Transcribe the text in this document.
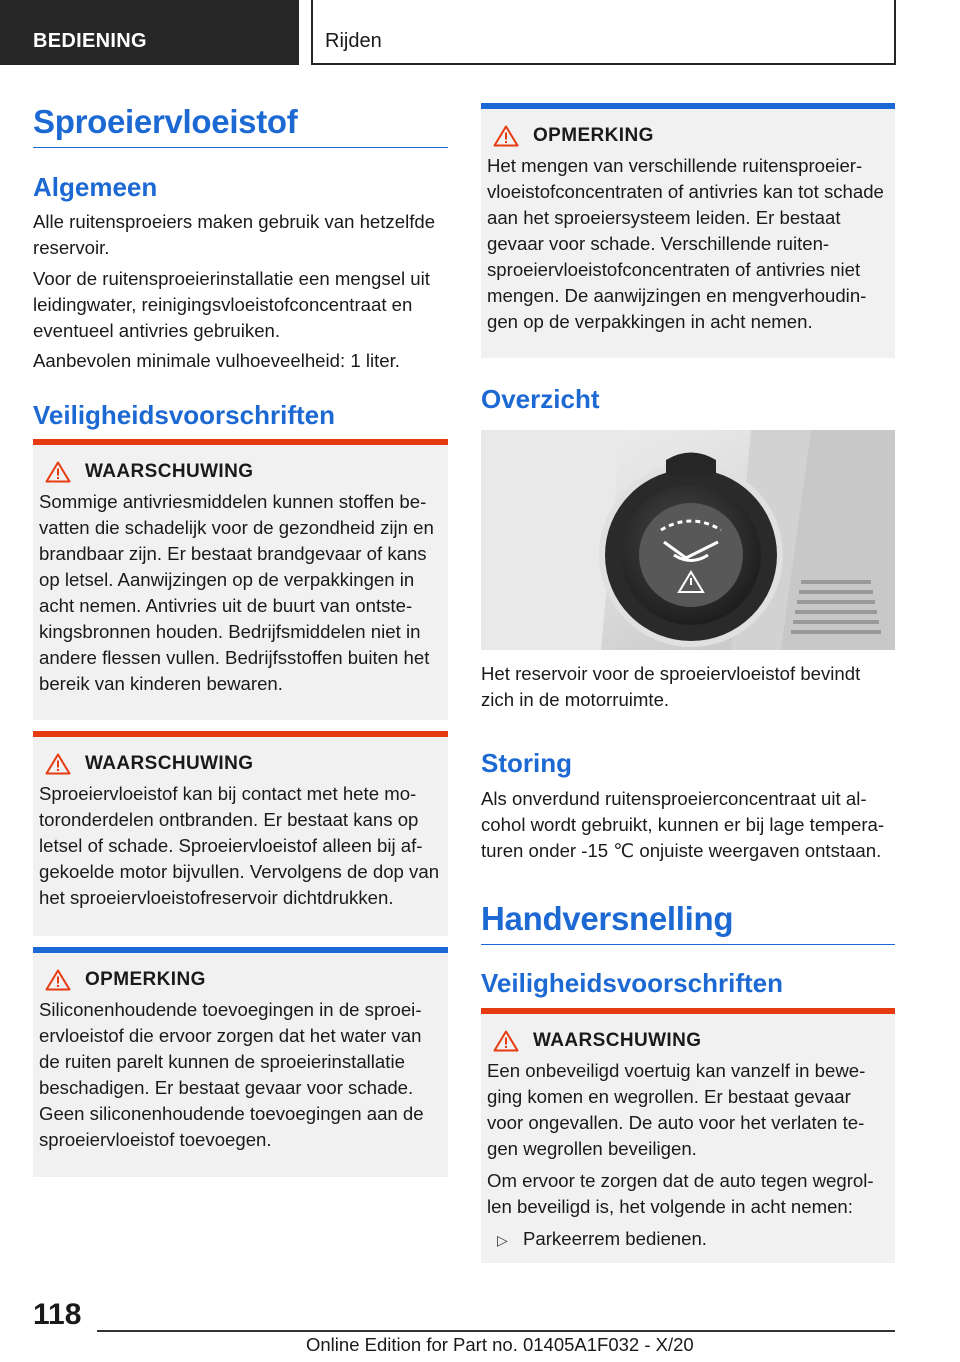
BEDIENING	Rijden
Sproeiervloeistof
Algemeen
Alle ruitensproeiers maken gebruik van hetzelfde reservoir.
Voor de ruitensproeierinstallatie een mengsel uit leidingwater, reinigingsvloeistofconcentraat en eventueel antivries gebruiken.
Aanbevolen minimale vulhoeveelheid: 1 liter.
Veiligheidsvoorschriften
WAARSCHUWING
Sommige antivriesmiddelen kunnen stoffen bevatten die schadelijk voor de gezondheid zijn en brandbaar zijn. Er bestaat brandgevaar of kans op letsel. Aanwijzingen op de verpakkingen in acht nemen. Antivries uit de buurt van ontstekingsbronnen houden. Bedrijfsmiddelen niet in andere flessen vullen. Bedrijfsstoffen buiten het bereik van kinderen bewaren.
WAARSCHUWING
Sproeiervloeistof kan bij contact met hete motoronderdelen ontbranden. Er bestaat kans op letsel of schade. Sproeiervloeistof alleen bij afgekoelde motor bijvullen. Vervolgens de dop van het sproeiervloeistofreservoir dichtdrukken.
OPMERKING
Siliconenhoudende toevoegingen in de sproeiervloeistof die ervoor zorgen dat het water van de ruiten parelt kunnen de sproeierinstallatie beschadigen. Er bestaat gevaar voor schade. Geen siliconenhoudende toevoegingen aan de sproeiervloeistof toevoegen.
OPMERKING
Het mengen van verschillende ruitensproeiervloeistofconcentraten of antivries kan tot schade aan het sproeiersysteem leiden. Er bestaat gevaar voor schade. Verschillende ruitensproeiervloeistofconcentraten of antivries niet mengen. De aanwijzingen en mengverhoudingen op de verpakkingen in acht nemen.
Overzicht
Het reservoir voor de sproeiervloeistof bevindt zich in de motorruimte.
Storing
Als onverdund ruitensproeierconcentraat uit alcohol wordt gebruikt, kunnen er bij lage temperaturen onder -15 ℃ onjuiste weergaven ontstaan.
Handversnelling
Veiligheidsvoorschriften
WAARSCHUWING
Een onbeveiligd voertuig kan vanzelf in beweging komen en wegrollen. Er bestaat gevaar voor ongevallen. De auto voor het verlaten tegen wegrollen beveiligen.
Om ervoor te zorgen dat de auto tegen wegrollen beveiligd is, het volgende in acht nemen:
▷ Parkeerrem bedienen.
118
Online Edition for Part no. 01405A1F032 - X/20
